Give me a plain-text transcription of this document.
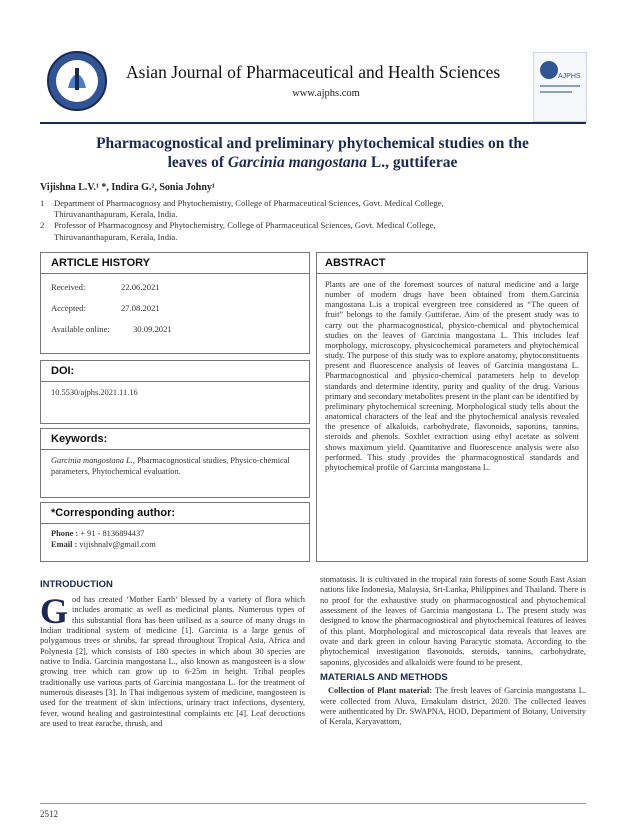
Asian Journal of Pharmaceutical and Health Sciences
www.ajphs.com
AJPHS
Pharmacognostical and preliminary phytochemical studies on the
leaves of Garcinia mangostana L., guttiferae
Vijishna L.V.¹ *, Indira G.², Sonia Johny¹
1	Department of Pharmacognosy and Phytochemistry, College of Pharmaceutical Sciences, Govt. Medical College,
Thiruvananthapuram, Kerala, India.
2	Professor of Pharmacognosy and Phytochemistry, College of Pharmaceutical Sciences, Govt. Medical College,
Thiruvananthapuram, Kerala, India.
ARTICLE HISTORY
Received:	22.06.2021
Accepted:	27.08.2021
Available online:	30.09.2021
DOI:
10.5530/ajphs.2021.11.16
Keywords:
Garcinia mangostana L., Pharmacognostical studies, Physico-chemical parameters, Phytochemical evaluation.
*Corresponding author:
Phone : + 91 - 8136894437
Email : vijishnalv@gmail.com
ABSTRACT
Plants are one of the foremost sources of natural medicine and a large number of modern drugs have been obtained from them.Garcinia mangostana L.is a tropical evergreen tree considered as “The queen of fruit” belongs to the family Guttiferae. Aim of the present study was to carry out the pharmacognostical, physico-chemical and phytochemical studies on the leaves of Garcinia mangostana L. This includes leaf morphology, microscopy, physicochemical parameters and phytochemical study. The purpose of this study was to explore anatomy, phytoconstituents present and fluorescence analysis of leaves of Garcinia mangostana L. Pharmacognostical and physico-chemical parameters help to develop standards and determine identity, purity and quality of the drug. Various primary and secondary metabolites present in the plant can be identified by preliminary phytochemical screening. Morphological study tells about the anatomical characters of the leaf and the phytochemical analysis revealed the presence of alkaloids, carbohydrate, flavonoids, saponins, tannins, steroids and phenols. Soxhlet extraction using ethyl acetate as solvent shows maximum yield. Quantitative and fluorescence analysis were also performed. This study provides the pharmacognostical standards and phytochemical profile of Garcinia mangostana L.
INTRODUCTION
God has created ‘Mother Earth’ blessed by a variety of flora which includes aromatic as well as medicinal plants. Numerous types of this substantial flora has been utilised as a source of many drugs in Indian traditional system of medicine [1]. Garcinia is a large genus of polygamous trees or shrubs, far spread throughout Tropical Asia, Africa and Polynesia [2], which consists of 180 species in which about 30 species are native to India. Garcinia mangostana L., also known as mangosteen is a slow growing tree which can grow up to 6-25m in height. Tribal peoples traditionally use various parts of Garcinia mangostana L. for the treatment of numerous diseases [3]. In Thai indigenous system of medicine, mangosteen is used for the treatment of skin infections, urinary tract infections, dysentery, fever, wound healing and gastrointestinal complaints etc [4]. Leaf decoctions are used to treat earache, thrush, and
stomatosis. It is cultivated in the tropical rain forests of some South East Asian nations like Indonesia, Malaysia, Sri-Lanka, Philippines and Thailand. There is no proof for the exhaustive study on pharmacognostical and phytochemical assessment of the leaves of Garcinia mangostana L. The present study was designed to know the pharmacognostical and phytochemical features of leaves of this plant. Morphological and microscopical data reveals that leaves are ovate and dark green in colour having Paracytic stomata. According to the phytochemical investigation flavonoids, steroids, tannins, carbohydrate, saponins, glycosides and alkaloids were found to be present.
MATERIALS AND METHODS
Collection of Plant material: The fresh leaves of Garcinia mangostana L. were collected from Aluva, Ernakulam district, 2020. The collected leaves were authenticated by Dr. SWAPNA, HOD, Department of Botany, University of Kerala, Karyavattom,
2512
